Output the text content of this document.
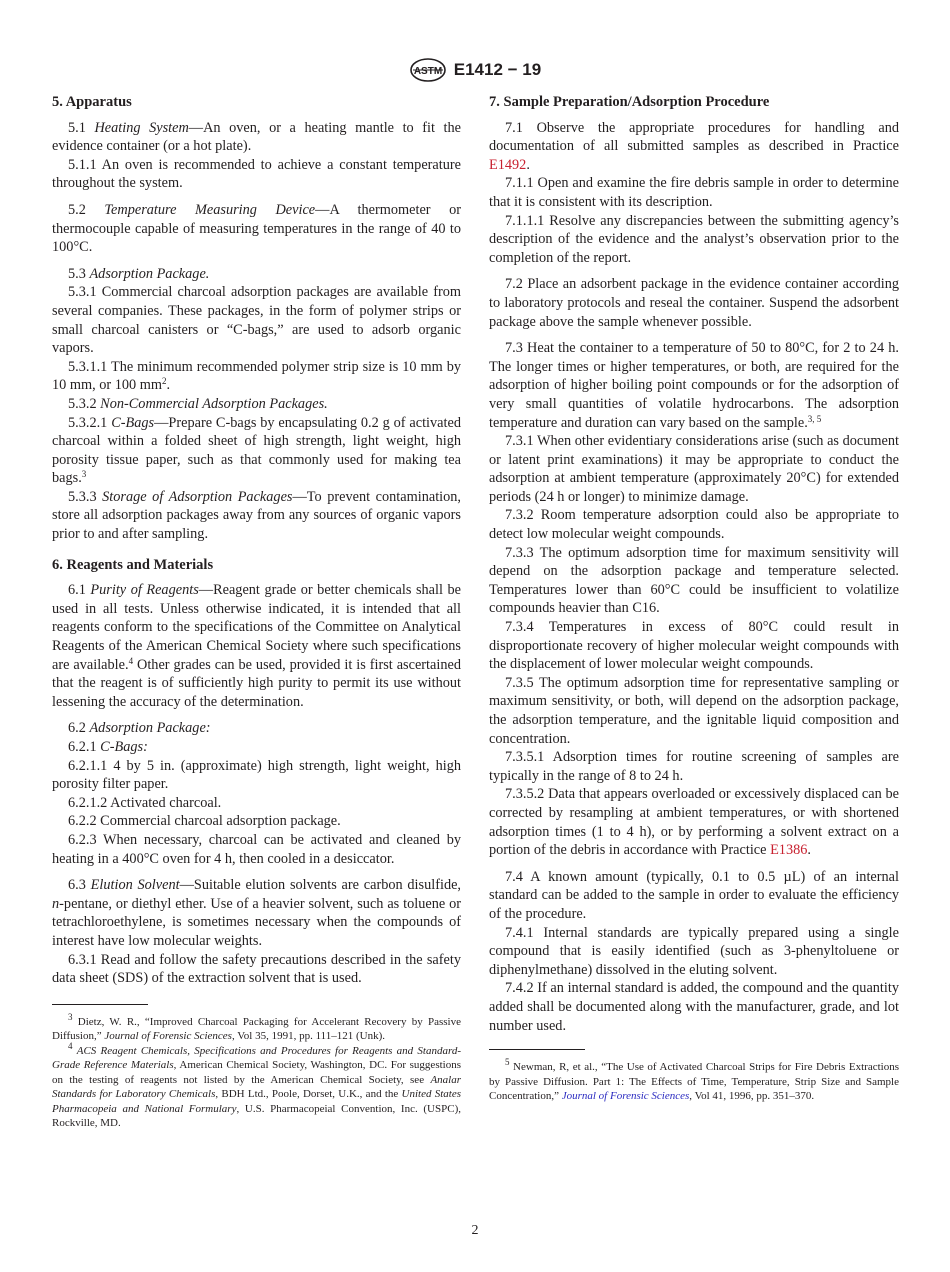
ASTM E1412 − 19
5. Apparatus

5.1 Heating System—An oven, or a heating mantle to fit the evidence container (or a hot plate).

5.1.1 An oven is recommended to achieve a constant temperature throughout the system.

5.2 Temperature Measuring Device—A thermometer or thermocouple capable of measuring temperatures in the range of 40 to 100°C.

5.3 Adsorption Package.

5.3.1 Commercial charcoal adsorption packages are available from several companies. These packages, in the form of polymer strips or small charcoal canisters or “C-bags,” are used to adsorb organic vapors.

5.3.1.1 The minimum recommended polymer strip size is 10 mm by 10 mm, or 100 $mm^2$.

5.3.2 Non-Commercial Adsorption Packages.

5.3.2.1 C-Bags—Prepare C-bags by encapsulating 0.2 g of activated charcoal within a folded sheet of high strength, light weight, high porosity tissue paper, such as that commonly used for making tea bags.$^3$

5.3.3 Storage of Adsorption Packages—To prevent contamination, store all adsorption packages away from any sources of organic vapors prior to and after sampling.

6. Reagents and Materials

6.1 Purity of Reagents—Reagent grade or better chemicals shall be used in all tests. Unless otherwise indicated, it is intended that all reagents conform to the specifications of the Committee on Analytical Reagents of the American Chemical Society where such specifications are available.$^4$ Other grades can be used, provided it is first ascertained that the reagent is of sufficiently high purity to permit its use without lessening the accuracy of the determination.

6.2 Adsorption Package:

6.2.1 C-Bags:

6.2.1.1 4 by 5 in. (approximate) high strength, light weight, high porosity filter paper.

6.2.1.2 Activated charcoal.

6.2.2 Commercial charcoal adsorption package.

6.2.3 When necessary, charcoal can be activated and cleaned by heating in a 400°C oven for 4 h, then cooled in a desiccator.

6.3 Elution Solvent—Suitable elution solvents are carbon disulfide, n-pentane, or diethyl ether. Use of a heavier solvent, such as toluene or tetrachloroethylene, is sometimes necessary when the compounds of interest have low molecular weights.

6.3.1 Read and follow the safety precautions described in the safety data sheet (SDS) of the extraction solvent that is used.

$^3$ Dietz, W. R., “Improved Charcoal Packaging for Accelerant Recovery by Passive Diffusion,” Journal of Forensic Sciences, Vol 35, 1991, pp. 111–121 (Unk).

$^4$ ACS Reagent Chemicals, Specifications and Procedures for Reagents and Standard-Grade Reference Materials, American Chemical Society, Washington, DC. For suggestions on the testing of reagents not listed by the American Chemical Society, see Analar Standards for Laboratory Chemicals, BDH Ltd., Poole, Dorset, U.K., and the United States Pharmacopeia and National Formulary, U.S. Pharmacopeial Convention, Inc. (USPC), Rockville, MD.

7. Sample Preparation/Adsorption Procedure

7.1 Observe the appropriate procedures for handling and documentation of all submitted samples as described in Practice E1492.

7.1.1 Open and examine the fire debris sample in order to determine that it is consistent with its description.

7.1.1.1 Resolve any discrepancies between the submitting agency’s description of the evidence and the analyst’s observation prior to the completion of the report.

7.2 Place an adsorbent package in the evidence container according to laboratory protocols and reseal the container. Suspend the adsorbent package above the sample whenever possible.

7.3 Heat the container to a temperature of 50 to 80°C, for 2 to 24 h. The longer times or higher temperatures, or both, are required for the adsorption of higher boiling point compounds or for the adsorption of very small quantities of volatile hydrocarbons. The adsorption temperature and duration can vary based on the sample.$^{3, 5}$

7.3.1 When other evidentiary considerations arise (such as document or latent print examinations) it may be appropriate to conduct the adsorption at ambient temperature (approximately 20°C) for extended periods (24 h or longer) to minimize damage.

7.3.2 Room temperature adsorption could also be appropriate to detect low molecular weight compounds.

7.3.3 The optimum adsorption time for maximum sensitivity will depend on the adsorption package and temperature selected. Temperatures lower than 60°C could be insufficient to volatilize compounds heavier than C16.

7.3.4 Temperatures in excess of 80°C could result in disproportionate recovery of higher molecular weight compounds with the displacement of lower molecular weight compounds.

7.3.5 The optimum adsorption time for representative sampling or maximum sensitivity, or both, will depend on the adsorption package, the adsorption temperature, and the ignitable liquid composition and concentration.

7.3.5.1 Adsorption times for routine screening of samples are typically in the range of 8 to 24 h.

7.3.5.2 Data that appears overloaded or excessively displaced can be corrected by resampling at ambient temperatures, or with shortened adsorption times (1 to 4 h), or by performing a solvent extract on a portion of the debris in accordance with Practice E1386.

7.4 A known amount (typically, 0.1 to 0.5 µL) of an internal standard can be added to the sample in order to evaluate the efficiency of the procedure.

7.4.1 Internal standards are typically prepared using a single compound that is easily identified (such as 3-phenyltoluene or diphenylmethane) dissolved in the eluting solvent.

7.4.2 If an internal standard is added, the compound and the quantity added shall be documented along with the manufacturer, grade, and lot number used.

$^5$ Newman, R, et al., “The Use of Activated Charcoal Strips for Fire Debris Extractions by Passive Diffusion. Part 1: The Effects of Time, Temperature, Strip Size and Sample Concentration,” Journal of Forensic Sciences, Vol 41, 1996, pp. 351–370.

2
